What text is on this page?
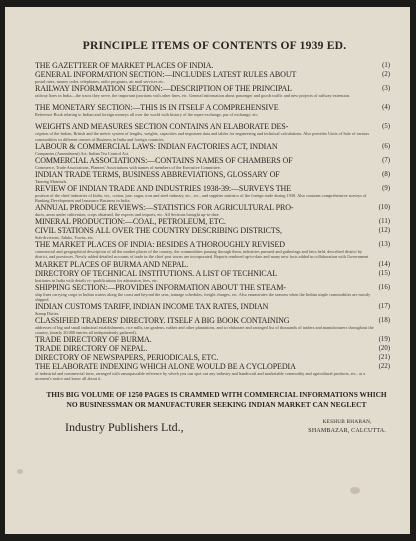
PRINCIPLE ITEMS OF CONTENTS OF 1939 ED.
THE GAZETTEER OF MARKET PLACES OF INDIA.	(1)
GENERAL INFORMATION SECTION:—INCLUDES LATEST RULES ABOUT	(2)
postal rates, money order, telephones, radio programs, air mail services etc.
RAILWAY INFORMATION SECTION:—DESCRIPTION OF THE PRINCIPAL	(3)
railway lines in India—the tracts they serve, the important junctions with other lines, etc. General information about passenger and goods traffic and new projects of railway extension.
THE MONETARY SECTION:—THIS IS IN ITSELF A COMPREHENSIVE	(4)
Reference Book relating to Indian and foreign moneys all over the world with history of the rupee exchange, par of exchange, etc.
WEIGHTS AND MEASURES SECTION CONTAINS AN ELABORATE DES-	(5)
cription of the Indian, British and the metric system of lengths, weights, capacities and important data and tables for engineering and technical calculations. Also provides Units of Sale of various commodities in different centres of Business in India and foreign countries.
LABOUR & COMMERCIAL LAWS: INDIAN FACTORIES ACT, INDIAN	(6)
Companies (Amendment) Act, Indian Tea Control Act.
COMMERCIAL ASSOCIATIONS:—CONTAINS NAMES OF CHAMBERS OF	(7)
Commerce, Trade Associations, Planters' Associations with names of members of the Executive Committee.
INDIAN TRADE TERMS, BUSINESS ABBREVIATIONS, GLOSSARY OF	(8)
Tanning Materials.
REVIEW OF INDIAN TRADE AND INDUSTRIES 1938-39:—SURVEYS THE	(9)
position of the chief industries of India, viz., cotton, jute, sugar, iron and steel industry, etc., etc., and supplies statistics of the foreign trade during 1938. Also contains comprehensive surveys of Banking Development and Insurance Business in India.
ANNUAL PRODUCE REVIEWS:—STATISTICS FOR AGRICULTURAL PRO-	(10)
ducts, areas under cultivation, crops obtained, the exports and imports, etc. All Sections brought up-to-date.
MINERAL PRODUCTION:—COAL, PETROLEUM, ETC.	(11)
CIVIL STATIONS ALL OVER THE COUNTRY DESCRIBING DISTRICTS,	(12)
Sub-divisions, Taluks, Towns, etc.
THE MARKET PLACES OF INDIA: BESIDES A THOROUGHLY REVISED	(13)
commercial and geographical description of all the market places of the country, the commodities passing through them, industries pursued and gatherings and fairs held, described district by district, and provinces. Newly added detailed accounts of trade in the chief port towns are incorporated. Reports rendered up-to-date and many new facts added in collaboration with Government
MARKET PLACES OF BURMA AND NEPAL.	(14)
DIRECTORY OF TECHNICAL INSTITUTIONS. A LIST OF TECHNICAL	(15)
Institutes in India with details re: qualifications for admission, fees, etc.
SHIPPING SECTION:—PROVIDES INFORMATION ABOUT THE STEAM-	(16)
ship lines carrying cargo in Indian waters along the coast and beyond the seas, tonnage schedules, freight charges, etc. Also enumerates the seasons when the Indian staple commodities are mostly shipped.
INDIAN CUSTOMS TARIFF, INDIAN INCOME TAX RATES, INDIAN	(17)
Stamp Duties.
CLASSIFIED TRADERS' DIRECTORY. ITSELF A BIG BOOK CONTAINING	(18)
addresses of big and small industrial establishments, rice mills, tea gardens, rubber and other plantations, and so elaborate and arranged list of thousands of traders and manufacturers throughout the country, (nearly 20,000 entries all independently gathered).
TRADE DIRECTORY OF BURMA.	(19)
TRADE DIRECTORY OF NEPAL.	(20)
DIRECTORY OF NEWSPAPERS, PERIODICALS, ETC.	(21)
THE ELABORATE INDEXING WHICH ALONE WOULD BE A CYCLOPEDIA	(22)
of industrial and commercial facts, arranged with unsurpassable reference by which you can spot out any industry and handicraft and marketable commodity and agricultural products, etc., at a moment's notice and know all about it.
THIS BIG VOLUME OF 1250 PAGES IS CRAMMED WITH COMMERCIAL INFORMATIONS WHICH NO BUSINESSMAN OR MANUFACTURER SEEKING INDIAN MARKET CAN NEGLECT
Industry Publishers Ltd.,	KESHUB BHABAN,
SHAMBAZAR, CALCUTTA.
